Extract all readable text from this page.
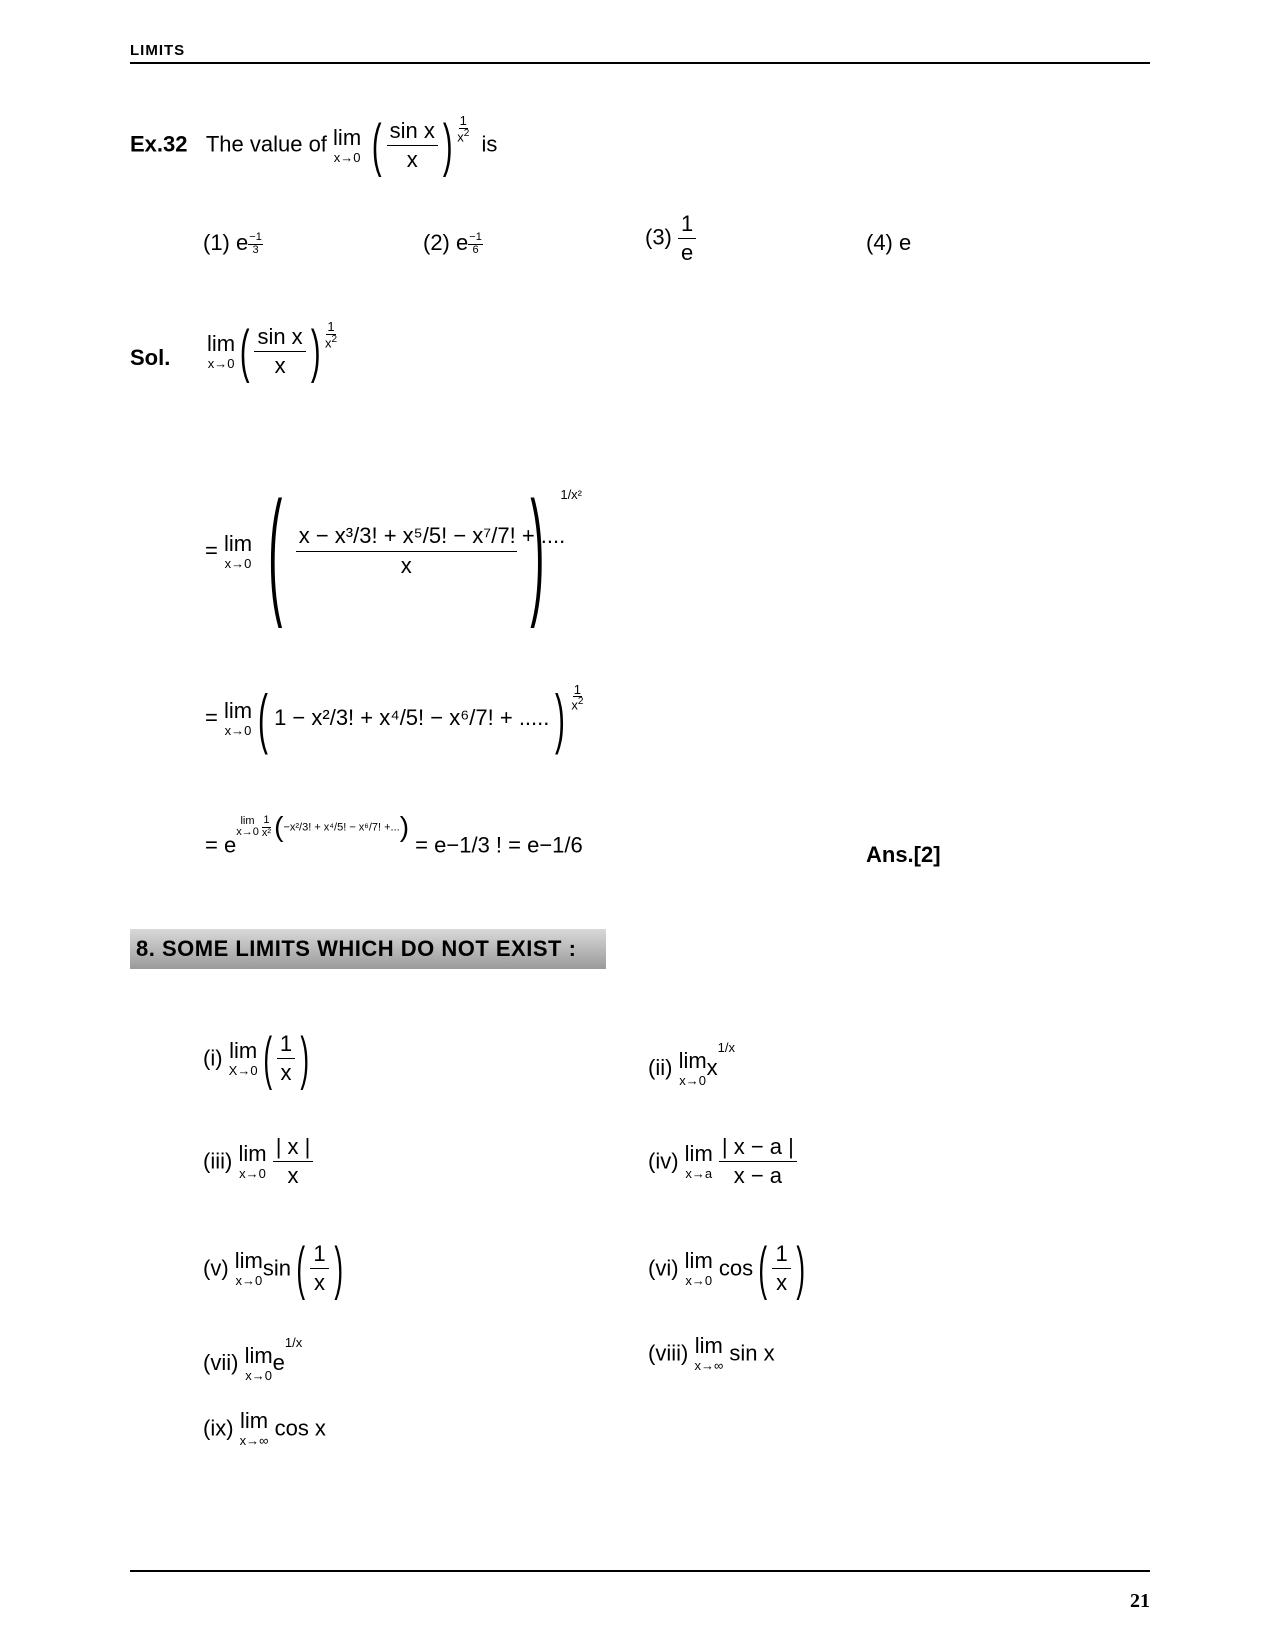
LIMITS
Ex.32 The value of lim
x→0 ( $\frac{\text{sin x}}{x}$ ) $\frac{1}{x^2}$ is
(1) e $\frac{-1}{3}$	(2) e $\frac{-1}{6}$	$(3) \frac{1}{e}$	(4) e
Sol.
lim
x→0 ( $\frac{\text{sin x}}{x}$ ) $\frac{1}{x^2}$
= lim
x→0 ( $\frac{\text{x − x³/3! + x⁵/5! − x⁷/7! + ....}}{x}$ ) $^{1/x^2}$
= lim
x→0 ( 1 − x²/3! + x⁴/5! − x⁶/7! + .....) $\frac{1}{x^2}$
= e
lim
x→0
$\frac{1}{\text{x²}} (-x^2/3$! + x⁴/5! − x⁶/7! +...) = e−1/3 ! = e−1/6	Ans.[2]
8. SOME LIMITS WHICH DO NOT EXIST :
(i) lim
X→0 ( $\frac{1}{x}$ )	(ii) lim
x→0 $x^{1/x}$
(iii) lim
x→0
$\frac{| x |}{x}$	(iv) lim
x→a
$\frac{| x - a |}{x - a}$
(v) lim
x→0 $\sin( \frac{1}{x}$ )	(vi) lim
x→0 $\cos( \frac{1}{x}$ )
(vii) lim
x→0 $e^{1/x}$	(viii) lim
x→∞ sin x
(ix) lim
x→∞ cos x
21
